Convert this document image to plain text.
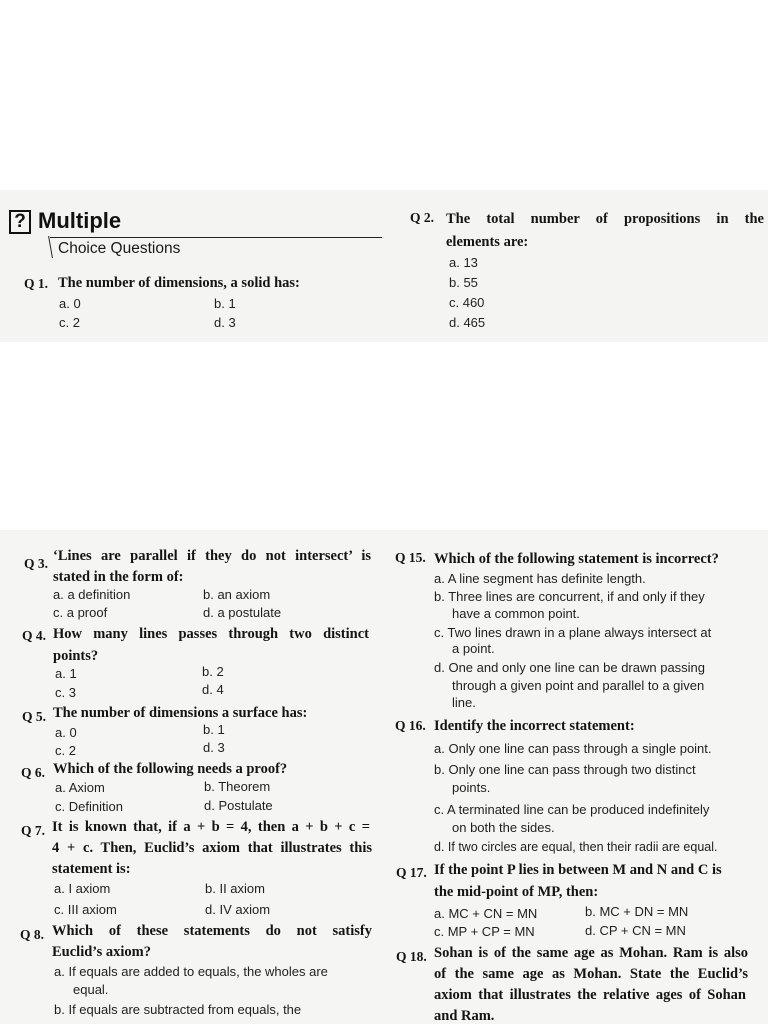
? Multiple
Choice Questions
Q 1. The number of dimensions, a solid has:
a. 0	b. 1
c. 2	d. 3
Q 2. The total number of propositions in the
elements are:
a. 13
b. 55
c. 460
d. 465
Q 3. ‘Lines are parallel if they do not intersect’ is
stated in the form of:
a. a definition	b. an axiom
c. a proof	d. a postulate
Q 4. How many lines passes through two distinct
points?
a. 1	b. 2
c. 3	d. 4
Q 5. The number of dimensions a surface has:
a. 0	b. 1
c. 2	d. 3
Q 6. Which of the following needs a proof?
a. Axiom	b. Theorem
c. Definition	d. Postulate
Q 7. It is known that, if a + b = 4, then a + b + c =
4 + c. Then, Euclid’s axiom that illustrates this
statement is:
a. I axiom	b. II axiom
c. III axiom	d. IV axiom
Q 8. Which of these statements do not satisfy
Euclid’s axiom?
a. If equals are added to equals, the wholes are
equal.
b. If equals are subtracted from equals, the
Q 15. Which of the following statement is incorrect?
a. A line segment has definite length.
b. Three lines are concurrent, if and only if they
have a common point.
c. Two lines drawn in a plane always intersect at
a point.
d. One and only one line can be drawn passing
through a given point and parallel to a given
line.
Q 16. Identify the incorrect statement:
a. Only one line can pass through a single point.
b. Only one line can pass through two distinct
points.
c. A terminated line can be produced indefinitely
on both the sides.
d. If two circles are equal, then their radii are equal.
Q 17. If the point P lies in between M and N and C is
the mid-point of MP, then:
a. MC + CN = MN	b. MC + DN = MN
c. MP + CP = MN	d. CP + CN = MN
Q 18. Sohan is of the same age as Mohan. Ram is also
of the same age as Mohan. State the Euclid’s
axiom that illustrates the relative ages of Sohan
and Ram.
